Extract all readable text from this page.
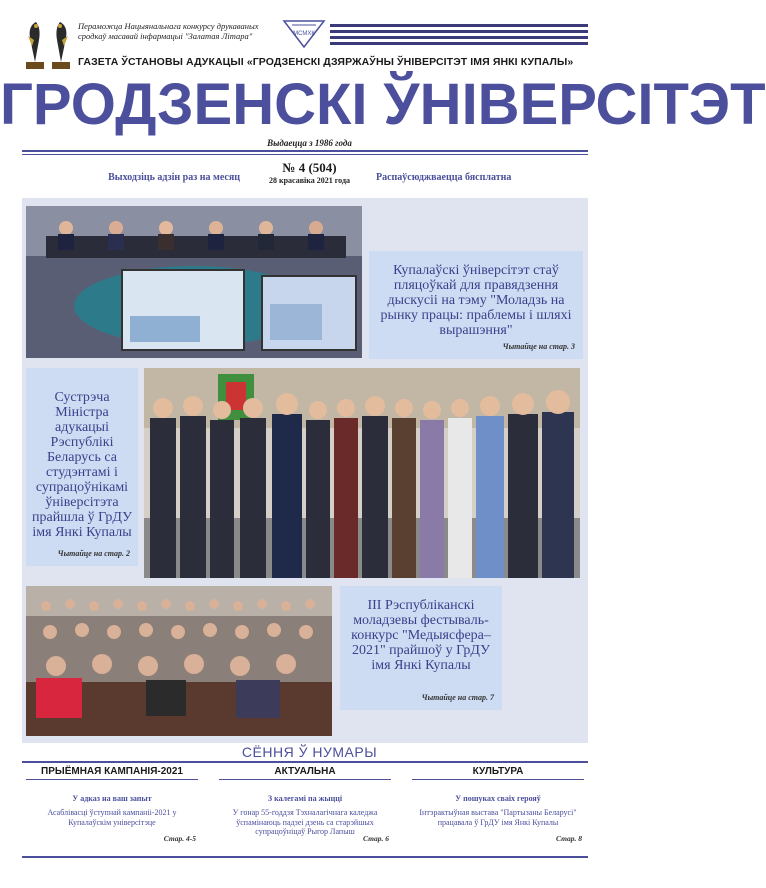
Пераможца Нацыянальнага конкурсу друкаваных
сродкаў масавай інфармацыі "Залатая Літара"	МСМХК
ГАЗЕТА ЎСТАНОВЫ АДУКАЦЫІ «ГРОДЗЕНСКІ ДЗЯРЖАЎНЫ ЎНІВЕРСІТЭТ ІМЯ ЯНКІ КУПАЛЫ»
ГРОДЗЕНСКІ ЎНІВЕРСІТЭТ
Выдаецца з 1986 года
№ 4 (504)
28 красавіка 2021 года
Выходзіць адзін раз на месяц	Распаўсюджваецца бясплатна
Купалаўскі ўніверсітэт стаў пляцоўкай для правядзення дыскусіі на тэму "Моладзь на рынку працы: праблемы і шляхі вырашэння"
Чытайце на стар. 3
Сустрэча Міністра адукацыі Рэспублікі Беларусь са студэнтамі і супрацоўнікамі ўніверсітэта прайшла ў ГрДУ імя Янкі Купалы
Чытайце на стар. 2
III Рэспубліканскі моладзевы фестываль-конкурс "Медыясфера–2021" прайшоў у ГрДУ імя Янкі Купалы
Чытайце на стар. 7
СЁННЯ Ў НУМАРЫ
ПРЫЁМНАЯ КАМПАНІЯ-2021
У адказ на ваш запыт
Асаблівасці ўступнай кампаніі-2021 у Купалаўскім універсітэце
Стар. 4-5
АКТУАЛЬНА
З калегамі па жыцці
У гонар 55-годдзя Тэхналагічнага каледжа ўспамінаюць падзеі дзень са старэйшых супрацоўніцаў Рыгор Лапыш
Стар. 6
КУЛЬТУРА
У пошуках сваіх герояў
Інтэрактыўная выстава "Партызаны Беларусі" працавала ў ГрДУ імя Янкі Купалы
Стар. 8
